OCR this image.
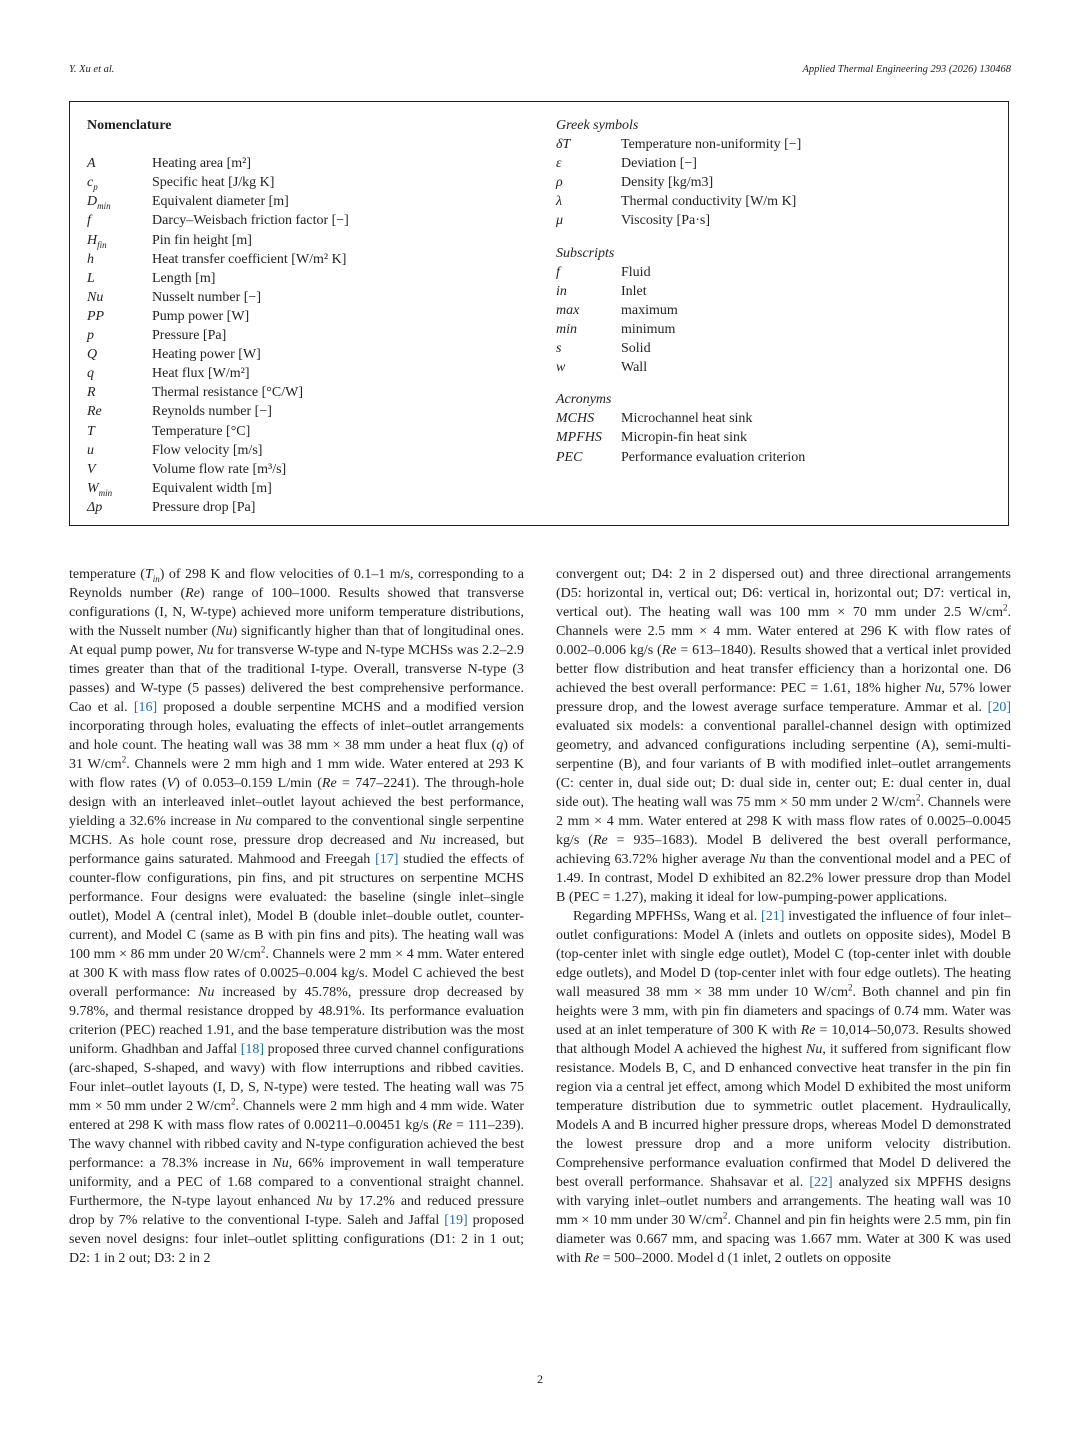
Y. Xu et al.	Applied Thermal Engineering 293 (2026) 130468
Nomenclature
A	Heating area [m²]
$c_p$	Specific heat [J/kg K]
$D_{min}$	Equivalent diameter [m]
f	Darcy–Weisbach friction factor [−]
$H_{fin}$	Pin fin height [m]
h	Heat transfer coefficient [W/m² K]
L	Length [m]
Nu	Nusselt number [−]
PP	Pump power [W]
p	Pressure [Pa]
Q	Heating power [W]
q	Heat flux [W/m²]
R	Thermal resistance [°C/W]
Re	Reynolds number [−]
T	Temperature [°C]
u	Flow velocity [m/s]
V	Volume flow rate [m³/s]
$W_{min}$	Equivalent width [m]
Δp	Pressure drop [Pa]
Greek symbols
δT	Temperature non-uniformity [−]
ε	Deviation [−]
ρ	Density [kg/m3]
λ	Thermal conductivity [W/m K]
μ	Viscosity [Pa·s]
Subscripts
f	Fluid
in	Inlet
max	maximum
min	minimum
s	Solid
w	Wall
Acronyms
MCHS	Microchannel heat sink
MPFHS	Micropin-fin heat sink
PEC	Performance evaluation criterion

temperature $(T_{in})$ of 298 K and flow velocities of 0.1–1 m/s, corresponding to a Reynolds number (Re) range of 100–1000. Results showed that transverse configurations (I, N, W-type) achieved more uniform temperature distributions, with the Nusselt number (Nu) significantly higher than that of longitudinal ones. At equal pump power, Nu for transverse W-type and N-type MCHSs was 2.2–2.9 times greater than that of the traditional I-type. Overall, transverse N-type (3 passes) and W-type (5 passes) delivered the best comprehensive performance. Cao et al. [16] proposed a double serpentine MCHS and a modified version incorporating through holes, evaluating the effects of inlet–outlet arrangements and hole count. The heating wall was 38 mm × 38 mm under a heat flux (q) of 31 $W/cm^2$. Channels were 2 mm high and 1 mm wide. Water entered at 293 K with flow rates (V) of 0.053–0.159 L/min (Re = 747–2241). The through-hole design with an interleaved inlet–outlet layout achieved the best performance, yielding a 32.6% increase in Nu compared to the conventional single serpentine MCHS. As hole count rose, pressure drop decreased and Nu increased, but performance gains saturated. Mahmood and Freegah [17] studied the effects of counter-flow configurations, pin fins, and pit structures on serpentine MCHS performance. Four designs were evaluated: the baseline (single inlet–single outlet), Model A (central inlet), Model B (double inlet–double outlet, counter-current), and Model C (same as B with pin fins and pits). The heating wall was 100 mm × 86 mm under 20 $W/cm^2$. Channels were 2 mm × 4 mm. Water entered at 300 K with mass flow rates of 0.0025–0.004 kg/s. Model C achieved the best overall performance: Nu increased by 45.78%, pressure drop decreased by 9.78%, and thermal resistance dropped by 48.91%. Its performance evaluation criterion (PEC) reached 1.91, and the base temperature distribution was the most uniform. Ghadhban and Jaffal [18] proposed three curved channel configurations (arc-shaped, S-shaped, and wavy) with flow interruptions and ribbed cavities. Four inlet–outlet layouts (I, D, S, N-type) were tested. The heating wall was 75 mm × 50 mm under 2 $W/cm^2$. Channels were 2 mm high and 4 mm wide. Water entered at 298 K with mass flow rates of 0.00211–0.00451 kg/s (Re = 111–239). The wavy channel with ribbed cavity and N-type configuration achieved the best performance: a 78.3% increase in Nu, 66% improvement in wall temperature uniformity, and a PEC of 1.68 compared to a conventional straight channel. Furthermore, the N-type layout enhanced Nu by 17.2% and reduced pressure drop by 7% relative to the conventional I-type. Saleh and Jaffal [19] proposed seven novel designs: four inlet–outlet splitting configurations (D1: 2 in 1 out; D2: 1 in 2 out; D3: 2 in 2

convergent out; D4: 2 in 2 dispersed out) and three directional arrangements (D5: horizontal in, vertical out; D6: vertical in, horizontal out; D7: vertical in, vertical out). The heating wall was 100 mm × 70 mm under 2.5 $W/cm^2$. Channels were 2.5 mm × 4 mm. Water entered at 296 K with flow rates of 0.002–0.006 kg/s (Re = 613–1840). Results showed that a vertical inlet provided better flow distribution and heat transfer efficiency than a horizontal one. D6 achieved the best overall performance: PEC = 1.61, 18% higher Nu, 57% lower pressure drop, and the lowest average surface temperature. Ammar et al. [20] evaluated six models: a conventional parallel-channel design with optimized geometry, and advanced configurations including serpentine (A), semi-multi-serpentine (B), and four variants of B with modified inlet–outlet arrangements (C: center in, dual side out; D: dual side in, center out; E: dual center in, dual side out). The heating wall was 75 mm × 50 mm under 2 $W/cm^2$. Channels were 2 mm × 4 mm. Water entered at 298 K with mass flow rates of 0.0025–0.0045 kg/s (Re = 935–1683). Model B delivered the best overall performance, achieving 63.72% higher average Nu than the conventional model and a PEC of 1.49. In contrast, Model D exhibited an 82.2% lower pressure drop than Model B (PEC = 1.27), making it ideal for low-pumping-power applications.

Regarding MPFHSs, Wang et al. [21] investigated the influence of four inlet–outlet configurations: Model A (inlets and outlets on opposite sides), Model B (top-center inlet with single edge outlet), Model C (top-center inlet with double edge outlets), and Model D (top-center inlet with four edge outlets). The heating wall measured 38 mm × 38 mm under 10 $W/cm^2$. Both channel and pin fin heights were 3 mm, with pin fin diameters and spacings of 0.74 mm. Water was used at an inlet temperature of 300 K with Re = 10,014–50,073. Results showed that although Model A achieved the highest Nu, it suffered from significant flow resistance. Models B, C, and D enhanced convective heat transfer in the pin fin region via a central jet effect, among which Model D exhibited the most uniform temperature distribution due to symmetric outlet placement. Hydraulically, Models A and B incurred higher pressure drops, whereas Model D demonstrated the lowest pressure drop and a more uniform velocity distribution. Comprehensive performance evaluation confirmed that Model D delivered the best overall performance. Shahsavar et al. [22] analyzed six MPFHS designs with varying inlet–outlet numbers and arrangements. The heating wall was 10 mm × 10 mm under 30 $W/cm^2$. Channel and pin fin heights were 2.5 mm, pin fin diameter was 0.667 mm, and spacing was 1.667 mm. Water at 300 K was used with Re = 500–2000. Model d (1 inlet, 2 outlets on opposite

2
